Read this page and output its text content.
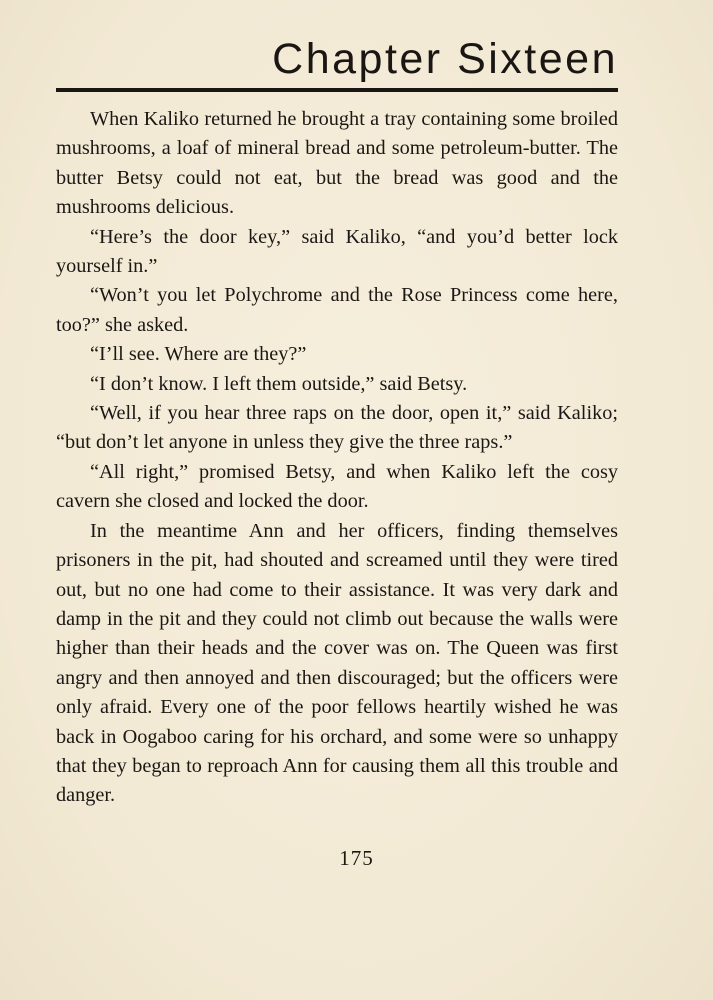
Chapter Sixteen

When Kaliko returned he brought a tray containing some broiled mushrooms, a loaf of mineral bread and some petroleum-butter. The butter Betsy could not eat, but the bread was good and the mushrooms delicious.

“Here’s the door key,” said Kaliko, “and you’d better lock yourself in.”

“Won’t you let Polychrome and the Rose Princess come here, too?” she asked.

“I’ll see. Where are they?”

“I don’t know. I left them outside,” said Betsy.

“Well, if you hear three raps on the door, open it,” said Kaliko; “but don’t let anyone in unless they give the three raps.”

“All right,” promised Betsy, and when Kaliko left the cosy cavern she closed and locked the door.

In the meantime Ann and her officers, finding themselves prisoners in the pit, had shouted and screamed until they were tired out, but no one had come to their assistance. It was very dark and damp in the pit and they could not climb out because the walls were higher than their heads and the cover was on. The Queen was first angry and then annoyed and then discouraged; but the officers were only afraid. Every one of the poor fellows heartily wished he was back in Oogaboo caring for his orchard, and some were so unhappy that they began to reproach Ann for causing them all this trouble and danger.

175
